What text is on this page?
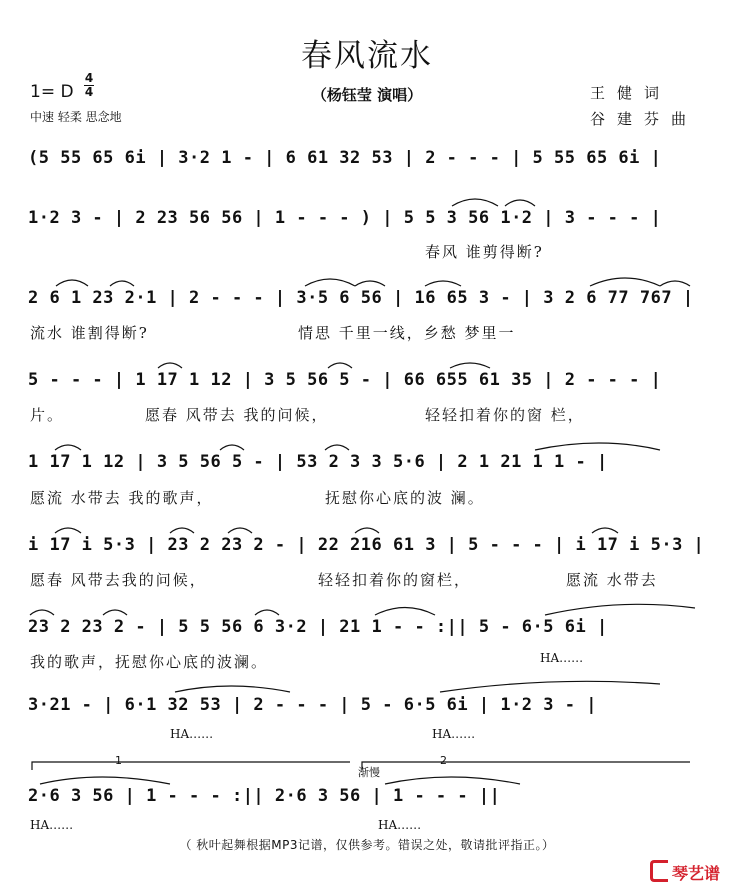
春风流水
1= D
4
4	（杨钰莹 演唱）
中速 轻柔 思念地
王健词
谷建芬曲
(5 55 65 6i | 3·2 1 - | 6 61 32 53 | 2 - - - | 5 55 65 6i |
1·2 3 - | 2 23 56 56 | 1 - - - ) | 5 5 3 56 1·2 | 3 - - - |
春风 谁剪得断?
2 6 1 23 2·1 | 2 - - - | 3·5 6 56 | 16 65 3 - | 3 2 6 77 767 |
流水 谁割得断?	情思 千里一线，乡愁 梦里一
5 - - - | 1 17 1 12 | 3 5 56 5 - | 66 655 61 35 | 2 - - - |
片。	愿春 风带去 我的问候，	轻轻扣着你的窗 栏，
1 17 1 12 | 3 5 56 5 - | 53 2 3 3 5·6 | 2 1 21 1 1 - |
愿流 水带去 我的歌声，	抚慰你心底的波 澜。
i 17 i 5·3 | 23 2 23 2 - | 22 216 61 3 | 5 - - - | i 17 i 5·3 |
愿春 风带去我的问候，	轻轻扣着你的窗栏，	愿流 水带去
23 2 23 2 - | 5 5 56 6 3·2 | 21 1 - - :|| 5 - 6·5 6i |
我的歌声，抚慰你心底的波澜。	HA……
3·21 - | 6·1 32 53 | 2 - - - | 5 - 6·5 6i | 1·2 3 - |
HA……	HA……
1	2
渐慢
2·6 3 56 | 1 - - - :|| 2·6 3 56 | 1 - - - ||
HA……	HA……
（ 秋叶起舞根据MP3记谱，仅供参考。错误之处，敬请批评指正。）
琴艺谱
